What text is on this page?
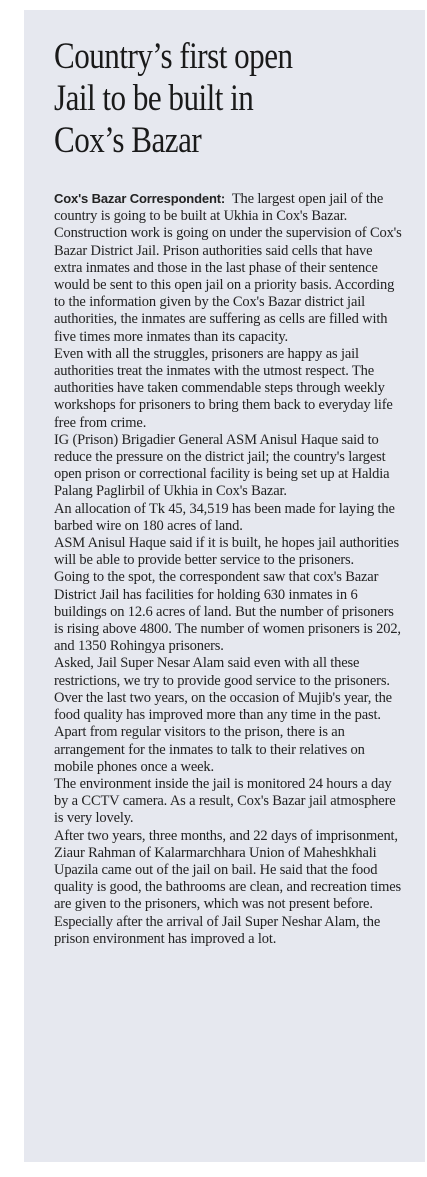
Country’s first open
Jail to be built in
Cox’s Bazar

Cox's Bazar Correspondent: The largest open jail of the country is going to be built at Ukhia in Cox's Bazar. Construction work is going on under the supervision of Cox's Bazar District Jail. Prison authorities said cells that have extra inmates and those in the last phase of their sentence would be sent to this open jail on a priority basis. According to the information given by the Cox's Bazar district jail authorities, the inmates are suffering as cells are filled with five times more inmates than its capacity.

Even with all the struggles, prisoners are happy as jail authorities treat the inmates with the utmost respect. The authorities have taken commendable steps through weekly workshops for prisoners to bring them back to everyday life free from crime.

IG (Prison) Brigadier General ASM Anisul Haque said to reduce the pressure on the district jail; the country's largest open prison or correctional facility is being set up at Haldia Palang Paglirbil of Ukhia in Cox's Bazar.

An allocation of Tk 45, 34,519 has been made for laying the barbed wire on 180 acres of land.

ASM Anisul Haque said if it is built, he hopes jail authorities will be able to provide better service to the prisoners.

Going to the spot, the correspondent saw that cox's Bazar District Jail has facilities for holding 630 inmates in 6 buildings on 12.6 acres of land. But the number of prisoners is rising above 4800. The number of women prisoners is 202, and 1350 Rohingya prisoners.

Asked, Jail Super Nesar Alam said even with all these restrictions, we try to provide good service to the prisoners.

Over the last two years, on the occasion of Mujib's year, the food quality has improved more than any time in the past.

Apart from regular visitors to the prison, there is an arrangement for the inmates to talk to their relatives on mobile phones once a week.

The environment inside the jail is monitored 24 hours a day by a CCTV camera. As a result, Cox's Bazar jail atmosphere is very lovely.

After two years, three months, and 22 days of imprisonment, Ziaur Rahman of Kalarmarchhara Union of Maheshkhali Upazila came out of the jail on bail. He said that the food quality is good, the bathrooms are clean, and recreation times are given to the prisoners, which was not present before. Especially after the arrival of Jail Super Neshar Alam, the prison environment has improved a lot.
